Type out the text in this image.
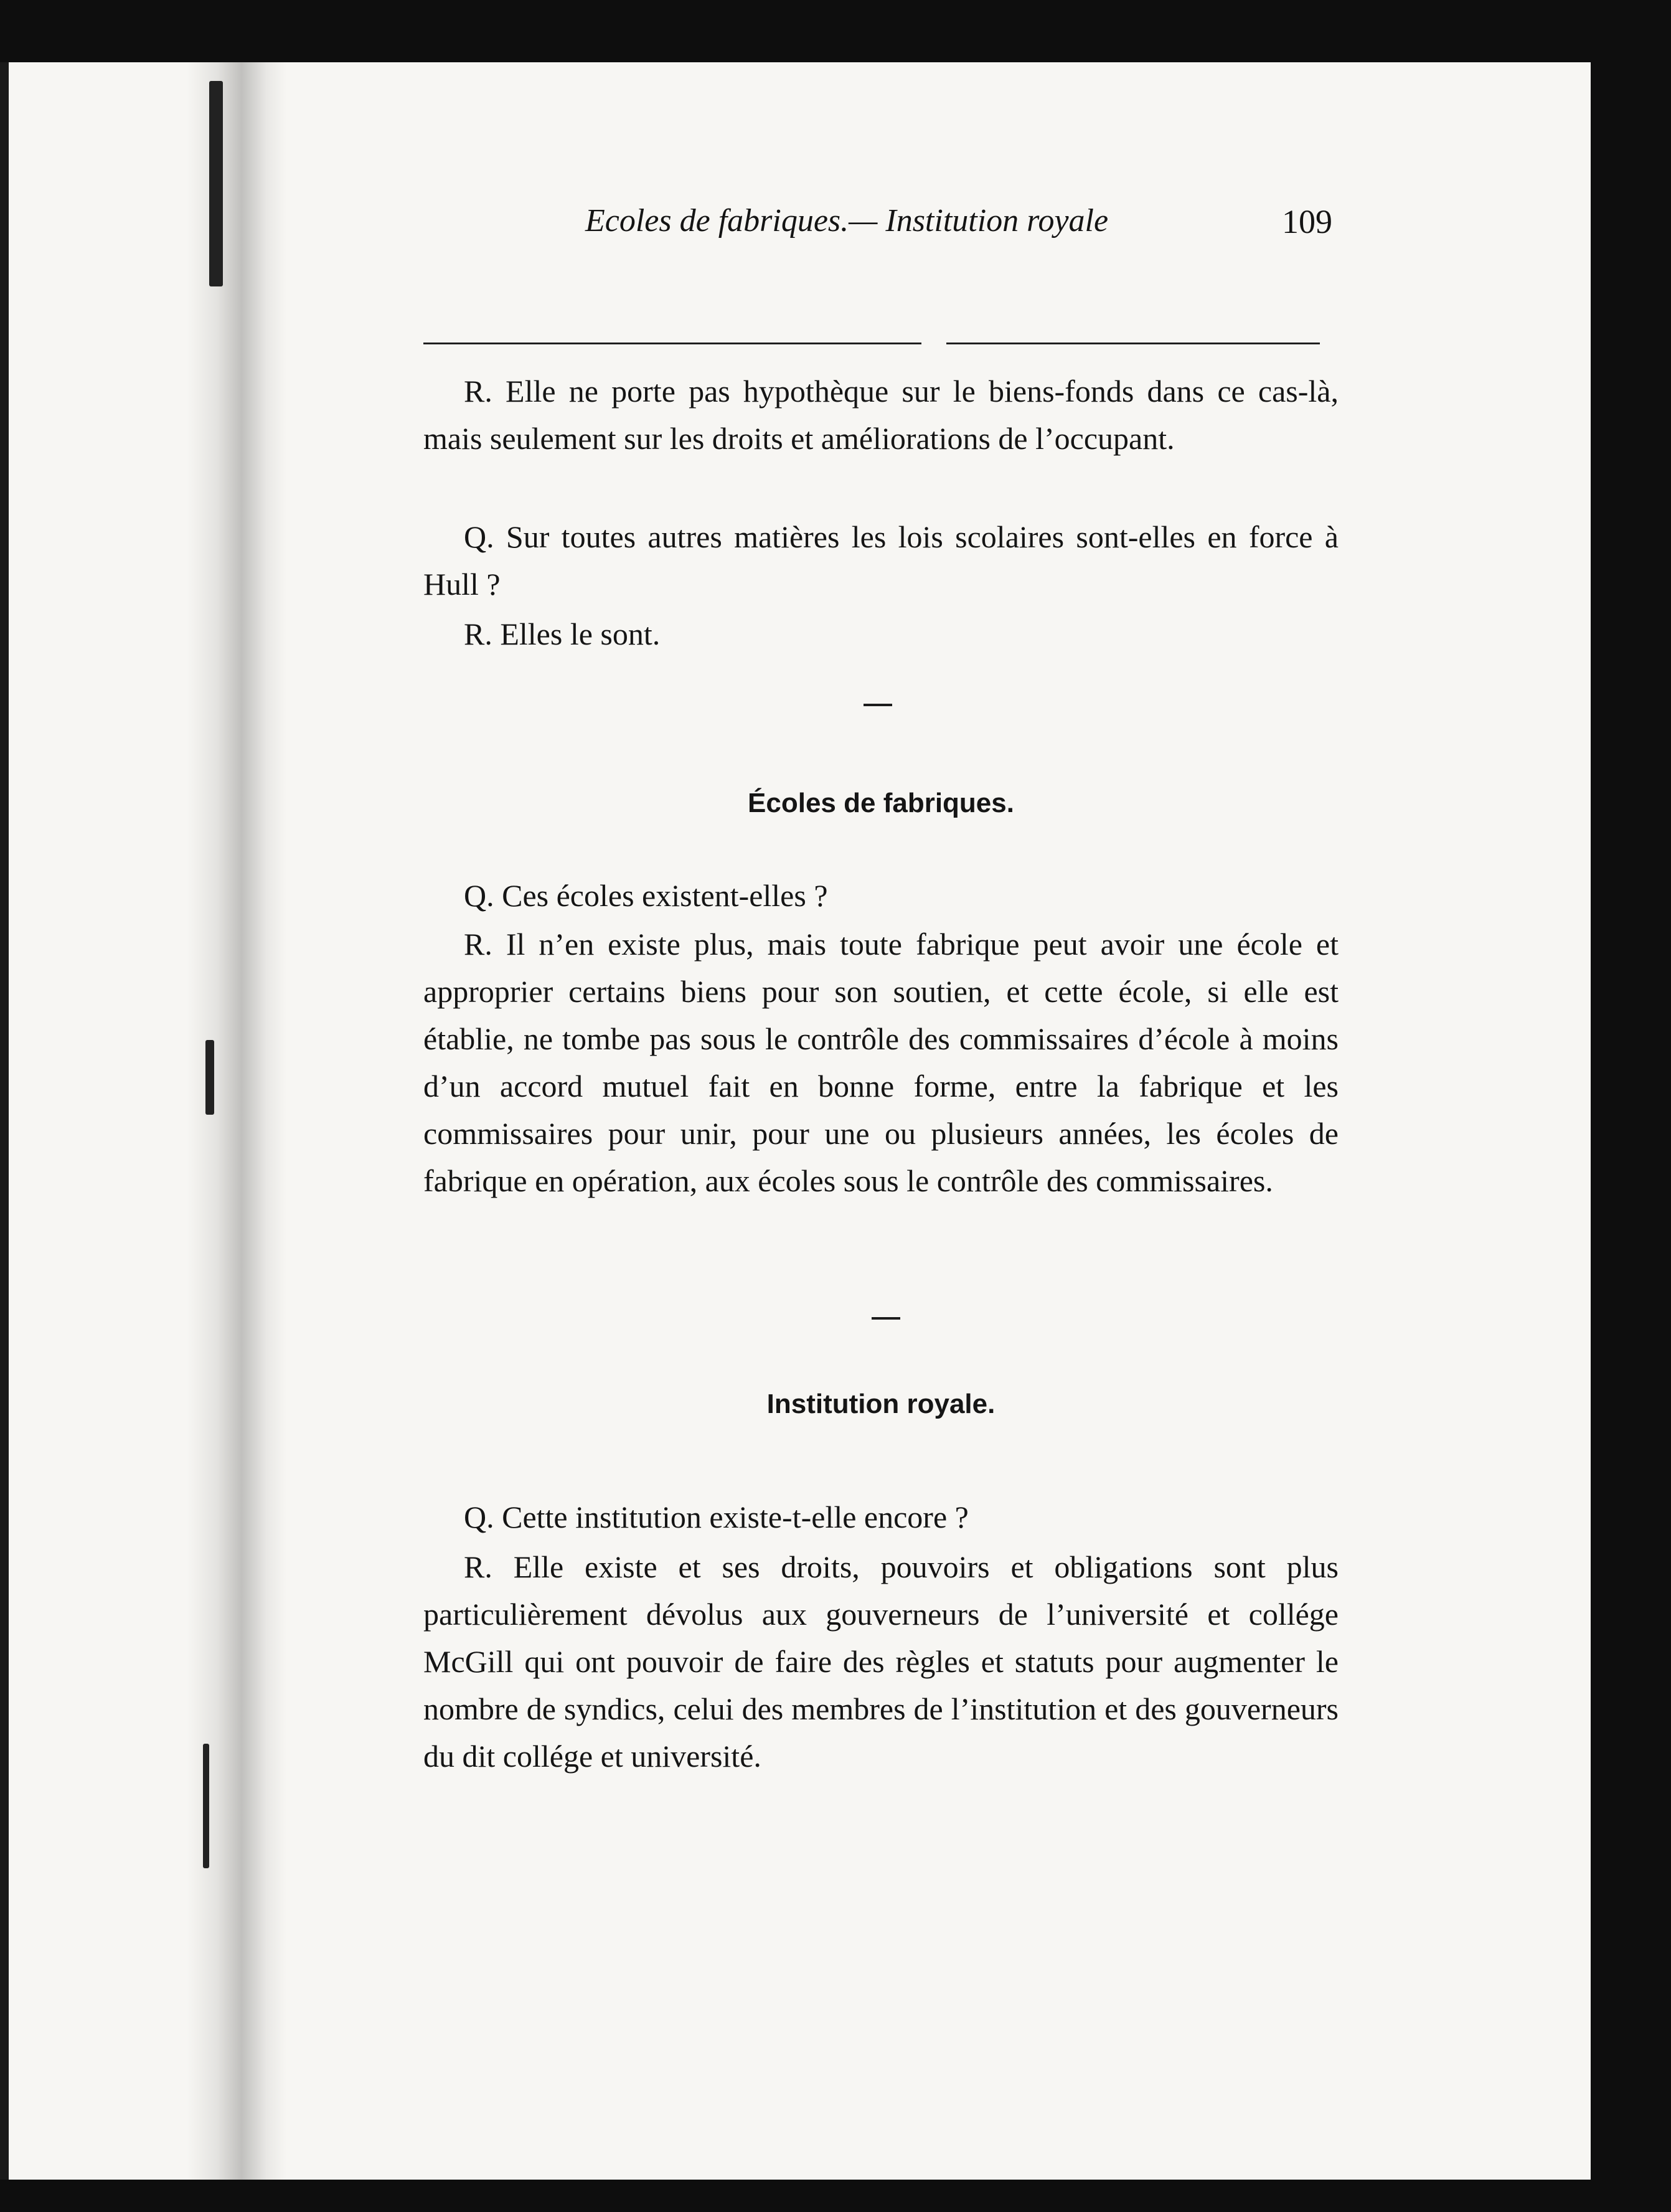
Ecoles de fabriques.— Institution royale	109

R. Elle ne porte pas hypothèque sur le biens-fonds dans ce cas-là, mais seulement sur les droits et améliorations de l’occupant.

Q. Sur toutes autres matières les lois scolaires sont-elles en force à Hull ?

R. Elles le sont.

Écoles de fabriques.

Q. Ces écoles existent-elles ?

R. Il n’en existe plus, mais toute fabrique peut avoir une école et approprier certains biens pour son soutien, et cette école, si elle est établie, ne tombe pas sous le contrôle des commissaires d’école à moins d’un accord mutuel fait en bonne forme, entre la fabrique et les commissaires pour unir, pour une ou plusieurs années, les écoles de fabrique en opération, aux écoles sous le contrôle des commissaires.

Institution royale.

Q. Cette institution existe-t-elle encore ?

R. Elle existe et ses droits, pouvoirs et obligations sont plus particulièrement dévolus aux gouverneurs de l’université et collége McGill qui ont pouvoir de faire des règles et statuts pour augmenter le nombre de syndics, celui des membres de l’institution et des gouverneurs du dit collége et université.
